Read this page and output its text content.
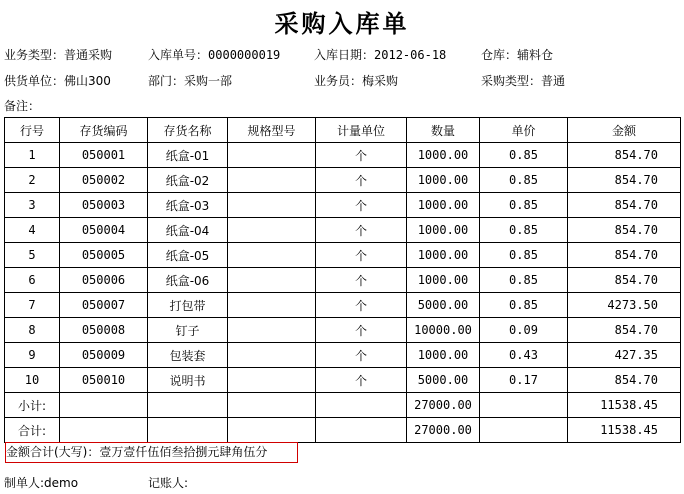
采购入库单
业务类型：普通采购	入库单号：0000000019	入库日期：2012-06-18	仓库：辅料仓
供货单位：佛山300	部门：采购一部	业务员：梅采购	采购类型：普通
备注：
行号	存货编码	存货名称	规格型号	计量单位	数量	单价	金额
1	050001	纸盒-01		个	1000.00	0.85	854.70
2	050002	纸盒-02		个	1000.00	0.85	854.70
3	050003	纸盒-03		个	1000.00	0.85	854.70
4	050004	纸盒-04		个	1000.00	0.85	854.70
5	050005	纸盒-05		个	1000.00	0.85	854.70
6	050006	纸盒-06		个	1000.00	0.85	854.70
7	050007	打包带		个	5000.00	0.85	4273.50
8	050008	钉子		个	10000.00	0.09	854.70
9	050009	包装套		个	1000.00	0.43	427.35
10	050010	说明书		个	5000.00	0.17	854.70
小计:					27000.00		11538.45
合计:					27000.00		11538.45
金额合计(大写)：壹万壹仟伍佰叁拾捌元肆角伍分
制单人:demo	记账人:
